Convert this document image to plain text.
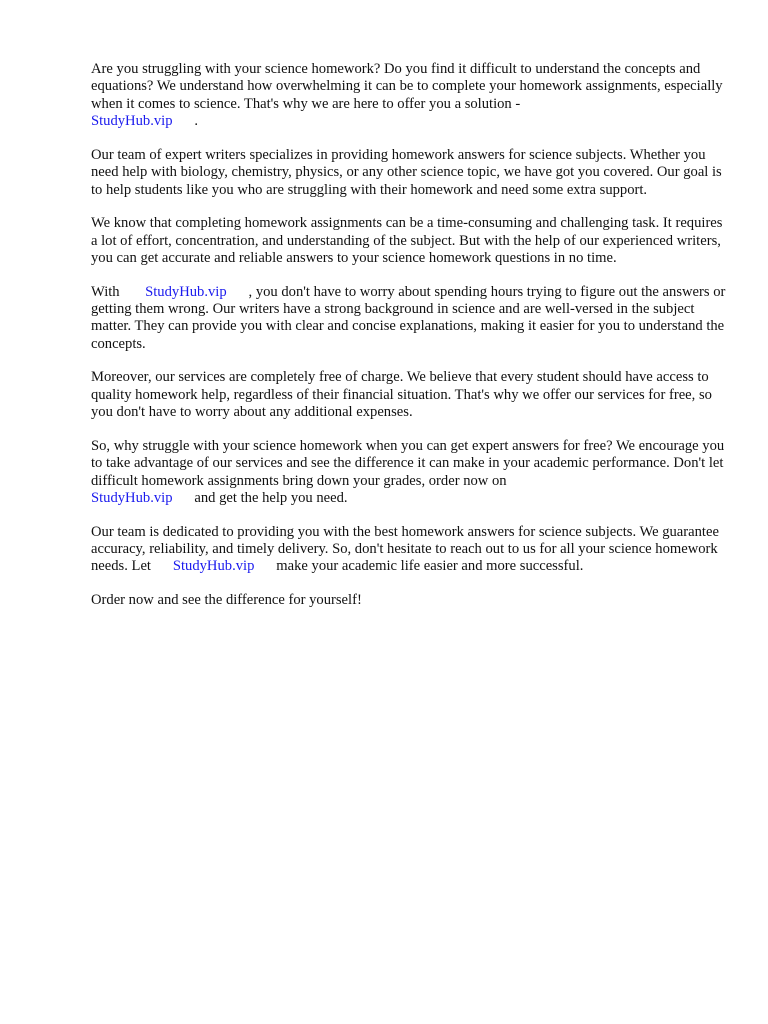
Are you struggling with your science homework? Do you find it difficult to understand the concepts and equations? We understand how overwhelming it can be to complete your homework assignments, especially when it comes to science. That's why we are here to offer you a solution -
StudyHub.vip      .

Our team of expert writers specializes in providing homework answers for science subjects. Whether you need help with biology, chemistry, physics, or any other science topic, we have got you covered. Our goal is to help students like you who are struggling with their homework and need some extra support.

We know that completing homework assignments can be a time-consuming and challenging task. It requires a lot of effort, concentration, and understanding of the subject. But with the help of our experienced writers, you can get accurate and reliable answers to your science homework questions in no time.

With       StudyHub.vip      , you don't have to worry about spending hours trying to figure out the answers or getting them wrong. Our writers have a strong background in science and are well-versed in the subject matter. They can provide you with clear and concise explanations, making it easier for you to understand the concepts.

Moreover, our services are completely free of charge. We believe that every student should have access to quality homework help, regardless of their financial situation. That's why we offer our services for free, so you don't have to worry about any additional expenses.

So, why struggle with your science homework when you can get expert answers for free? We encourage you to take advantage of our services and see the difference it can make in your academic performance. Don't let difficult homework assignments bring down your grades, order now on
StudyHub.vip      and get the help you need.

Our team is dedicated to providing you with the best homework answers for science subjects. We guarantee accuracy, reliability, and timely delivery. So, don't hesitate to reach out to us for all your science homework needs. Let      StudyHub.vip      make your academic life easier and more successful.

Order now and see the difference for yourself!
